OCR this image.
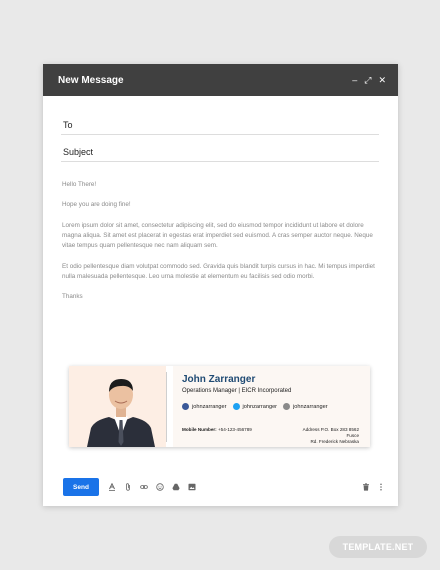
New Message	– ⤢ ✕
To
Subject

Hello There!

Hope you are doing fine!

Lorem ipsum dolor sit amet, consectetur adipiscing elit, sed do eiusmod tempor incididunt ut labore et dolore magna aliqua. Sit amet est placerat in egestas erat imperdiet sed euismod. A cras semper auctor neque. Neque vitae tempus quam pellentesque nec nam aliquam sem.

Et odio pellentesque diam volutpat commodo sed. Gravida quis blandit turpis cursus in hac. Mi tempus imperdiet nulla malesuada pellentesque. Leo urna molestie at elementum eu facilisis sed odio morbi.

Thanks

John Zarranger
Operations Manager | EICR Incorporated
johnzarranger	johnzarranger	johnzarranger
Mobile Number: +54-123-456789	Address P.O. Box 283 8562 Fusce
Rd. Frederick Nebraska
Send
TEMPLATE.NET
